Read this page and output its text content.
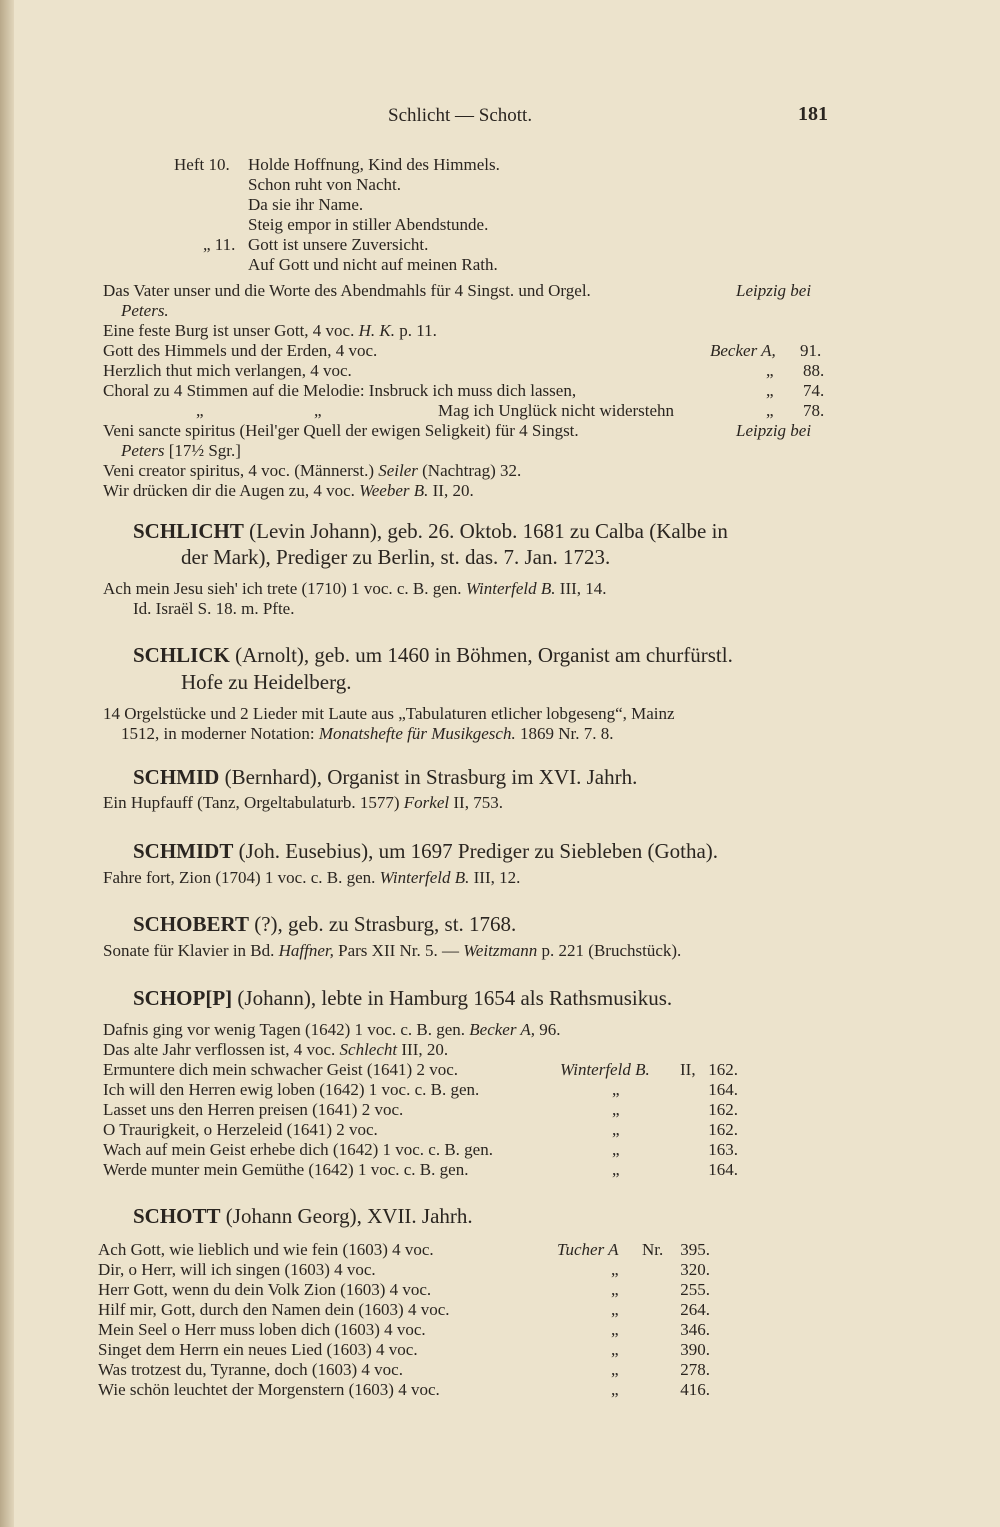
Schlicht — Schott.	181
Heft 10. Holde Hoffnung, Kind des Himmels.
Schon ruht von Nacht.
Da sie ihr Name.
Steig empor in stiller Abendstunde.
„ 11. Gott ist unsere Zuversicht.
Auf Gott und nicht auf meinen Rath.
Das Vater unser und die Worte des Abendmahls für 4 Singst. und Orgel.	Leipzig bei
Peters.
Eine feste Burg ist unser Gott, 4 voc. H. K. p. 11.
Gott des Himmels und der Erden, 4 voc.	Becker A, 91.
Herzlich thut mich verlangen, 4 voc.	„ 88.
Choral zu 4 Stimmen auf die Melodie: Insbruck ich muss dich lassen,	„ 74.
„	„	Mag ich Unglück nicht widerstehn	„ 78.
Veni sancte spiritus (Heil'ger Quell der ewigen Seligkeit) für 4 Singst.	Leipzig bei
Peters [17½ Sgr.]
Veni creator spiritus, 4 voc. (Männerst.) Seiler (Nachtrag) 32.
Wir drücken dir die Augen zu, 4 voc. Weeber B. II, 20.
SCHLICHT (Levin Johann), geb. 26. Oktob. 1681 zu Calba (Kalbe in
der Mark), Prediger zu Berlin, st. das. 7. Jan. 1723.
Ach mein Jesu sieh' ich trete (1710) 1 voc. c. B. gen. Winterfeld B. III, 14.
Id. Israël S. 18. m. Pfte.
SCHLICK (Arnolt), geb. um 1460 in Böhmen, Organist am churfürstl.
Hofe zu Heidelberg.
14 Orgelstücke und 2 Lieder mit Laute aus „Tabulaturen etlicher lobgeseng“, Mainz
1512, in moderner Notation: Monatshefte für Musikgesch. 1869 Nr. 7. 8.
SCHMID (Bernhard), Organist in Strasburg im XVI. Jahrh.
Ein Hupfauff (Tanz, Orgeltabulaturb. 1577) Forkel II, 753.
SCHMIDT (Joh. Eusebius), um 1697 Prediger zu Siebleben (Gotha).
Fahre fort, Zion (1704) 1 voc. c. B. gen. Winterfeld B. III, 12.
SCHOBERT (?), geb. zu Strasburg, st. 1768.
Sonate für Klavier in Bd. Haffner, Pars XII Nr. 5. — Weitzmann p. 221 (Bruchstück).
SCHOP[P] (Johann), lebte in Hamburg 1654 als Rathsmusikus.
Dafnis ging vor wenig Tagen (1642) 1 voc. c. B. gen. Becker A, 96.
Das alte Jahr verflossen ist, 4 voc. Schlecht III, 20.
Ermuntere dich mein schwacher Geist (1641) 2 voc.	Winterfeld B. II, 162.
Ich will den Herren ewig loben (1642) 1 voc. c. B. gen.	„	164.
Lasset uns den Herren preisen (1641) 2 voc.	„	162.
O Traurigkeit, o Herzeleid (1641) 2 voc.	„	162.
Wach auf mein Geist erhebe dich (1642) 1 voc. c. B. gen.	„	163.
Werde munter mein Gemüthe (1642) 1 voc. c. B. gen.	„	164.
SCHOTT (Johann Georg), XVII. Jahrh.
Ach Gott, wie lieblich und wie fein (1603) 4 voc.	Tucher A Nr.	395.
Dir, o Herr, will ich singen (1603) 4 voc.	„	320.
Herr Gott, wenn du dein Volk Zion (1603) 4 voc.	„	255.
Hilf mir, Gott, durch den Namen dein (1603) 4 voc.	„	264.
Mein Seel o Herr muss loben dich (1603) 4 voc.	„	346.
Singet dem Herrn ein neues Lied (1603) 4 voc.	„	390.
Was trotzest du, Tyranne, doch (1603) 4 voc.	„	278.
Wie schön leuchtet der Morgenstern (1603) 4 voc.	„	416.
